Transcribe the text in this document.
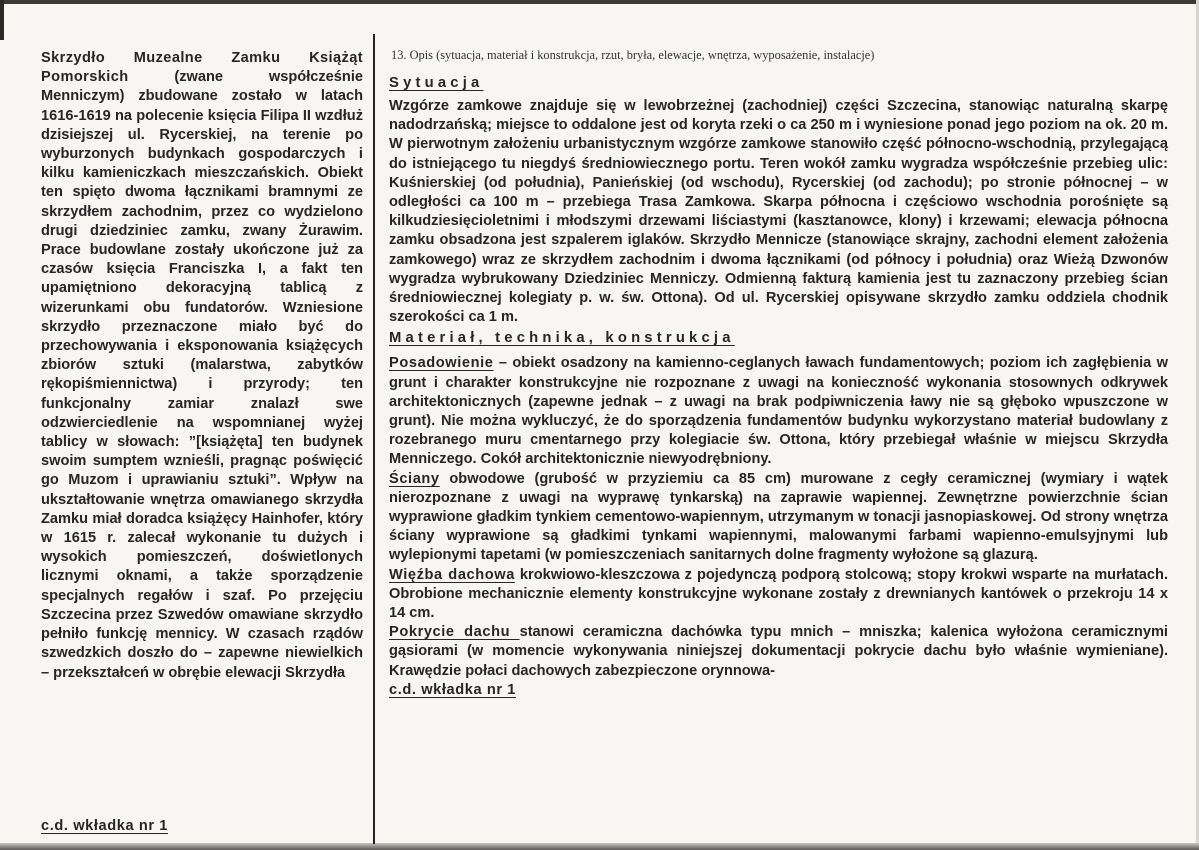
Skrzydło Muzealne Zamku Książąt Pomorskich (zwane współcześnie Menniczym) zbudowane zostało w latach 1616-1619 na polecenie księcia Filipa II wzdłuż dzisiejszej ul. Rycerskiej, na terenie po wyburzonych budynkach gospodarczych i kilku kamieniczkach mieszczańskich. Obiekt ten spięto dwoma łącznikami bramnymi ze skrzydłem zachodnim, przez co wydzielono drugi dziedziniec zamku, zwany Żurawim. Prace budowlane zostały ukończone już za czasów księcia Franciszka I, a fakt ten upamiętniono dekoracyjną tablicą z wizerunkami obu fundatorów. Wzniesione skrzydło przeznaczone miało być do przechowywania i eksponowania książęcych zbiorów sztuki (malarstwa, zabytków rękopiśmiennictwa) i przyrody; ten funkcjonalny zamiar znalazł swe odzwierciedlenie na wspomnianej wyżej tablicy w słowach: ”[książęta] ten budynek swoim sumptem wznieśli, pragnąc poświęcić go Muzom i uprawianiu sztuki”. Wpływ na ukształtowanie wnętrza omawianego skrzydła Zamku miał doradca książęcy Hainhofer, który w 1615 r. zalecał wykonanie tu dużych i wysokich pomieszczeń, doświetlonych licznymi oknami, a także sporządzenie specjalnych regałów i szaf. Po przejęciu Szczecina przez Szwedów omawiane skrzydło pełniło funkcję mennicy. W czasach rządów szwedzkich doszło do – zapewne niewielkich – przekształceń w obrębie elewacji Skrzydła
c.d. wkładka nr 1
13. Opis (sytuacja, materiał i konstrukcja, rzut, bryła, elewacje, wnętrza, wyposażenie, instalacje)
Sytuacja

Wzgórze zamkowe znajduje się w lewobrzeżnej (zachodniej) części Szczecina, stanowiąc naturalną skarpę nadodrzańską; miejsce to oddalone jest od koryta rzeki o ca 250 m i wyniesione ponad jego poziom na ok. 20 m. W pierwotnym założeniu urbanistycznym wzgórze zamkowe stanowiło część północno-wschodnią, przylegającą do istniejącego tu niegdyś średniowiecznego portu. Teren wokół zamku wygradza współcześnie przebieg ulic: Kuśnierskiej (od południa), Panieńskiej (od wschodu), Rycerskiej (od zachodu); po stronie północnej – w odległości ca 100 m – przebiega Trasa Zamkowa. Skarpa północna i częściowo wschodnia porośnięte są kilkudziesięcioletnimi i młodszymi drzewami liściastymi (kasztanowce, klony) i krzewami; elewacja północna zamku obsadzona jest szpalerem iglaków. Skrzydło Mennicze (stanowiące skrajny, zachodni element założenia zamkowego) wraz ze skrzydłem zachodnim i dwoma łącznikami (od północy i południa) oraz Wieżą Dzwonów wygradza wybrukowany Dziedziniec Menniczy. Odmienną fakturą kamienia jest tu zaznaczony przebieg ścian średniowiecznej kolegiaty p. w. św. Ottona). Od ul. Rycerskiej opisywane skrzydło zamku oddziela chodnik szerokości ca 1 m.

Materiał, technika, konstrukcja

Posadowienie – obiekt osadzony na kamienno-ceglanych ławach fundamentowych; poziom ich zagłębienia w grunt i charakter konstrukcyjne nie rozpoznane z uwagi na konieczność wykonania stosownych odkrywek architektonicznych (zapewne jednak – z uwagi na brak podpiwniczenia ławy nie są głęboko wpuszczone w grunt). Nie można wykluczyć, że do sporządzenia fundamentów budynku wykorzystano materiał budowlany z rozebranego muru cmentarnego przy kolegiacie św. Ottona, który przebiegał właśnie w miejscu Skrzydła Menniczego. Cokół architektonicznie niewyodrębniony.

Ściany obwodowe (grubość w przyziemiu ca 85 cm) murowane z cegły ceramicznej (wymiary i wątek nierozpoznane z uwagi na wyprawę tynkarską) na zaprawie wapiennej. Zewnętrzne powierzchnie ścian wyprawione gładkim tynkiem cementowo-wapiennym, utrzymanym w tonacji jasnopiaskowej. Od strony wnętrza ściany wyprawione są gładkimi tynkami wapiennymi, malowanymi farbami wapienno-emulsyjnymi lub wylepionymi tapetami (w pomieszczeniach sanitarnych dolne fragmenty wyłożone są glazurą.

Więźba dachowa krokwiowo-kleszczowa z pojedynczą podporą stolcową; stopy krokwi wsparte na murłatach. Obrobione mechanicznie elementy konstrukcyjne wykonane zostały z drewnianych kantówek o przekroju 14 x 14 cm.

Pokrycie dachu stanowi ceramiczna dachówka typu mnich – mniszka; kalenica wyłożona ceramicznymi gąsiorami (w momencie wykonywania niniejszej dokumentacji pokrycie dachu było właśnie wymieniane). Krawędzie połaci dachowych zabezpieczone orynnowa-

c.d. wkładka nr 1
